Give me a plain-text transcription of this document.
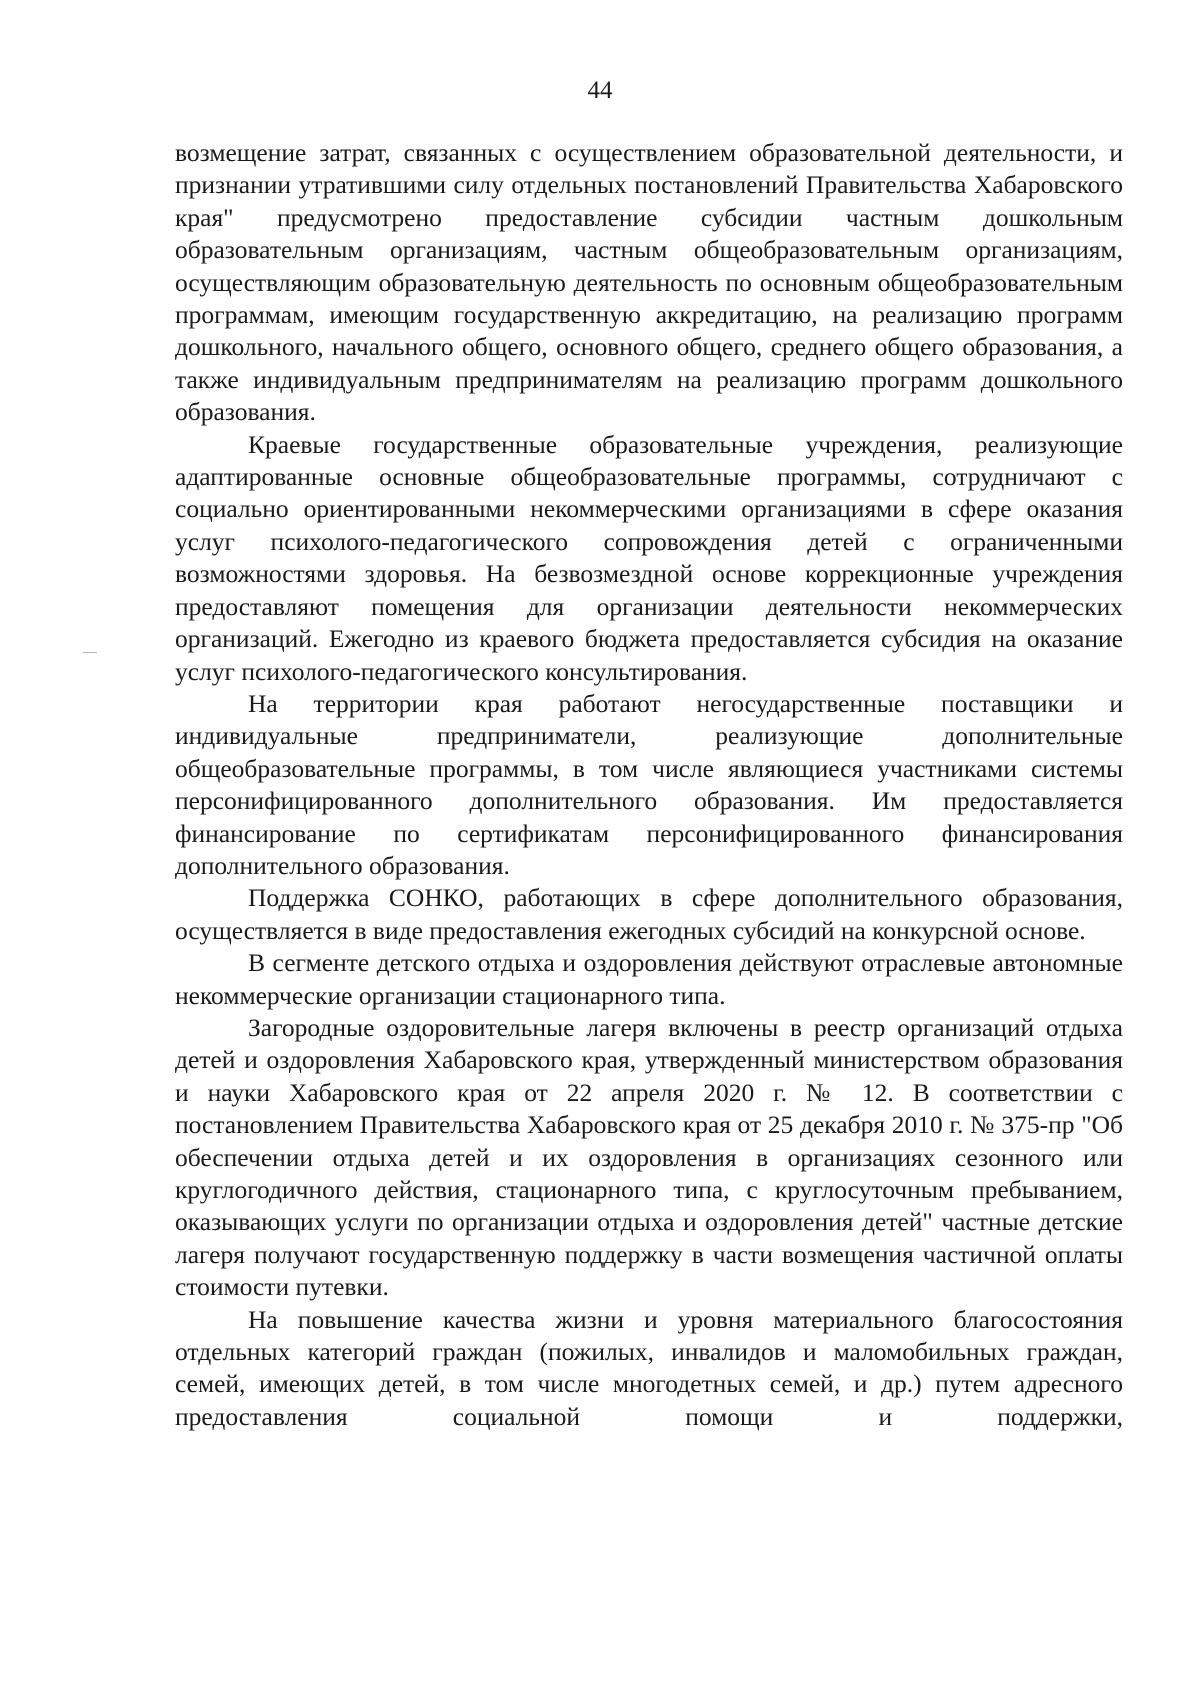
44

возмещение затрат, связанных с осуществлением образовательной деятельности, и признании утратившими силу отдельных постановлений Правительства Хабаровского края" предусмотрено предоставление субсидии частным дошкольным образовательным организациям, частным общеобразовательным организациям, осуществляющим образовательную деятельность по основным общеобразовательным программам, имеющим государственную аккредитацию, на реализацию программ дошкольного, начального общего, основного общего, среднего общего образования, а также индивидуальным предпринимателям на реализацию программ дошкольного образования.

Краевые государственные образовательные учреждения, реализующие адаптированные основные общеобразовательные программы, сотрудничают с социально ориентированными некоммерческими организациями в сфере оказания услуг психолого-педагогического сопровождения детей с ограниченными возможностями здоровья. На безвозмездной основе коррекционные учреждения предоставляют помещения для организации деятельности некоммерческих организаций. Ежегодно из краевого бюджета предоставляется субсидия на оказание услуг психолого-педагогического консультирования.

На территории края работают негосударственные поставщики и индивидуальные предприниматели, реализующие дополнительные общеобразовательные программы, в том числе являющиеся участниками системы персонифицированного дополнительного образования. Им предоставляется финансирование по сертификатам персонифицированного финансирования дополнительного образования.

Поддержка СОНКО, работающих в сфере дополнительного образования, осуществляется в виде предоставления ежегодных субсидий на конкурсной основе.

В сегменте детского отдыха и оздоровления действуют отраслевые автономные некоммерческие организации стационарного типа.

Загородные оздоровительные лагеря включены в реестр организаций отдыха детей и оздоровления Хабаровского края, утвержденный министерством образования и науки Хабаровского края от 22 апреля 2020 г. № 12. В соответствии с постановлением Правительства Хабаровского края от 25 декабря 2010 г. № 375-пр "Об обеспечении отдыха детей и их оздоровления в организациях сезонного или круглогодичного действия, стационарного типа, с круглосуточным пребыванием, оказывающих услуги по организации отдыха и оздоровления детей" частные детские лагеря получают государственную поддержку в части возмещения частичной оплаты стоимости путевки.

На повышение качества жизни и уровня материального благосостояния отдельных категорий граждан (пожилых, инвалидов и маломобильных граждан, семей, имеющих детей, в том числе многодетных семей, и др.) путем адресного предоставления социальной помощи и поддержки,
